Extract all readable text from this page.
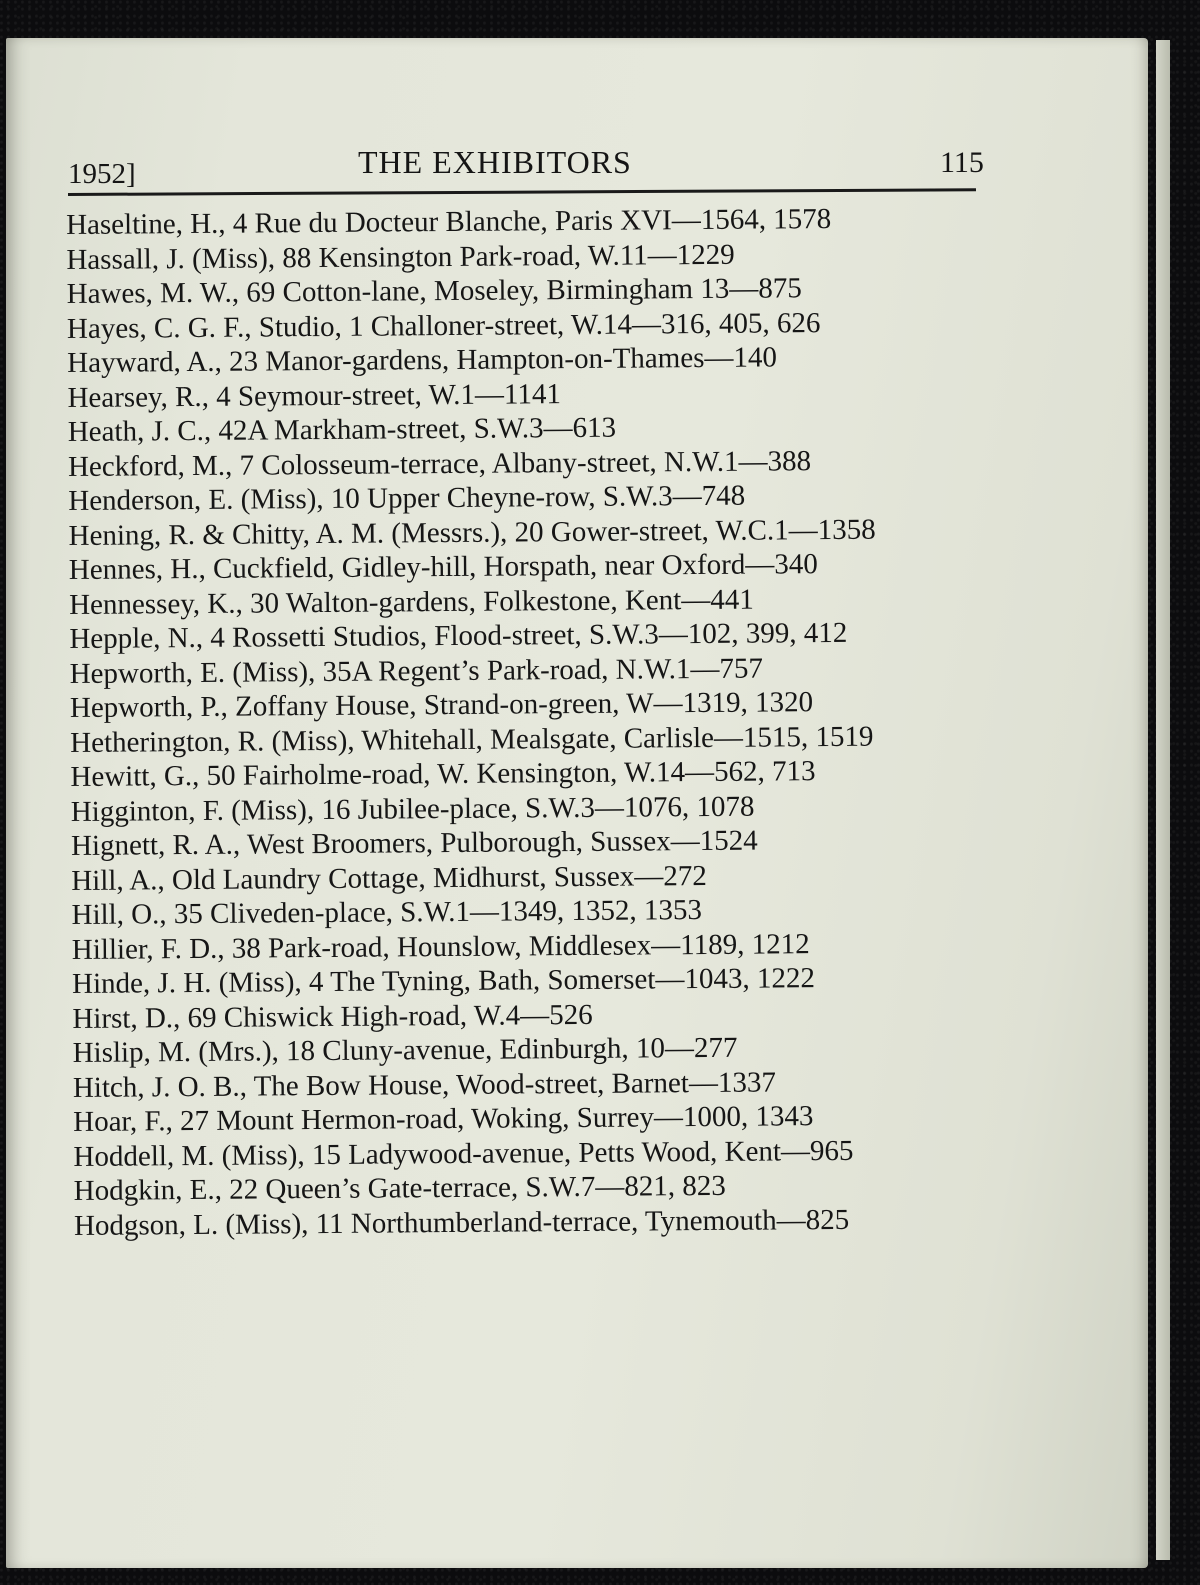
1952]	THE EXHIBITORS	115
Haseltine, H., 4 Rue du Docteur Blanche, Paris XVI—1564, 1578
Hassall, J. (Miss), 88 Kensington Park-road, W.11—1229
Hawes, M. W., 69 Cotton-lane, Moseley, Birmingham 13—875
Hayes, C. G. F., Studio, 1 Challoner-street, W.14—316, 405, 626
Hayward, A., 23 Manor-gardens, Hampton-on-Thames—140
Hearsey, R., 4 Seymour-street, W.1—1141
Heath, J. C., 42A Markham-street, S.W.3—613
Heckford, M., 7 Colosseum-terrace, Albany-street, N.W.1—388
Henderson, E. (Miss), 10 Upper Cheyne-row, S.W.3—748
Hening, R. & Chitty, A. M. (Messrs.), 20 Gower-street, W.C.1—1358
Hennes, H., Cuckfield, Gidley-hill, Horspath, near Oxford—340
Hennessey, K., 30 Walton-gardens, Folkestone, Kent—441
Hepple, N., 4 Rossetti Studios, Flood-street, S.W.3—102, 399, 412
Hepworth, E. (Miss), 35A Regent’s Park-road, N.W.1—757
Hepworth, P., Zoffany House, Strand-on-green, W—1319, 1320
Hetherington, R. (Miss), Whitehall, Mealsgate, Carlisle—1515, 1519
Hewitt, G., 50 Fairholme-road, W. Kensington, W.14—562, 713
Higginton, F. (Miss), 16 Jubilee-place, S.W.3—1076, 1078
Hignett, R. A., West Broomers, Pulborough, Sussex—1524
Hill, A., Old Laundry Cottage, Midhurst, Sussex—272
Hill, O., 35 Cliveden-place, S.W.1—1349, 1352, 1353
Hillier, F. D., 38 Park-road, Hounslow, Middlesex—1189, 1212
Hinde, J. H. (Miss), 4 The Tyning, Bath, Somerset—1043, 1222
Hirst, D., 69 Chiswick High-road, W.4—526
Hislip, M. (Mrs.), 18 Cluny-avenue, Edinburgh, 10—277
Hitch, J. O. B., The Bow House, Wood-street, Barnet—1337
Hoar, F., 27 Mount Hermon-road, Woking, Surrey—1000, 1343
Hoddell, M. (Miss), 15 Ladywood-avenue, Petts Wood, Kent—965
Hodgkin, E., 22 Queen’s Gate-terrace, S.W.7—821, 823
Hodgson, L. (Miss), 11 Northumberland-terrace, Tynemouth—825
